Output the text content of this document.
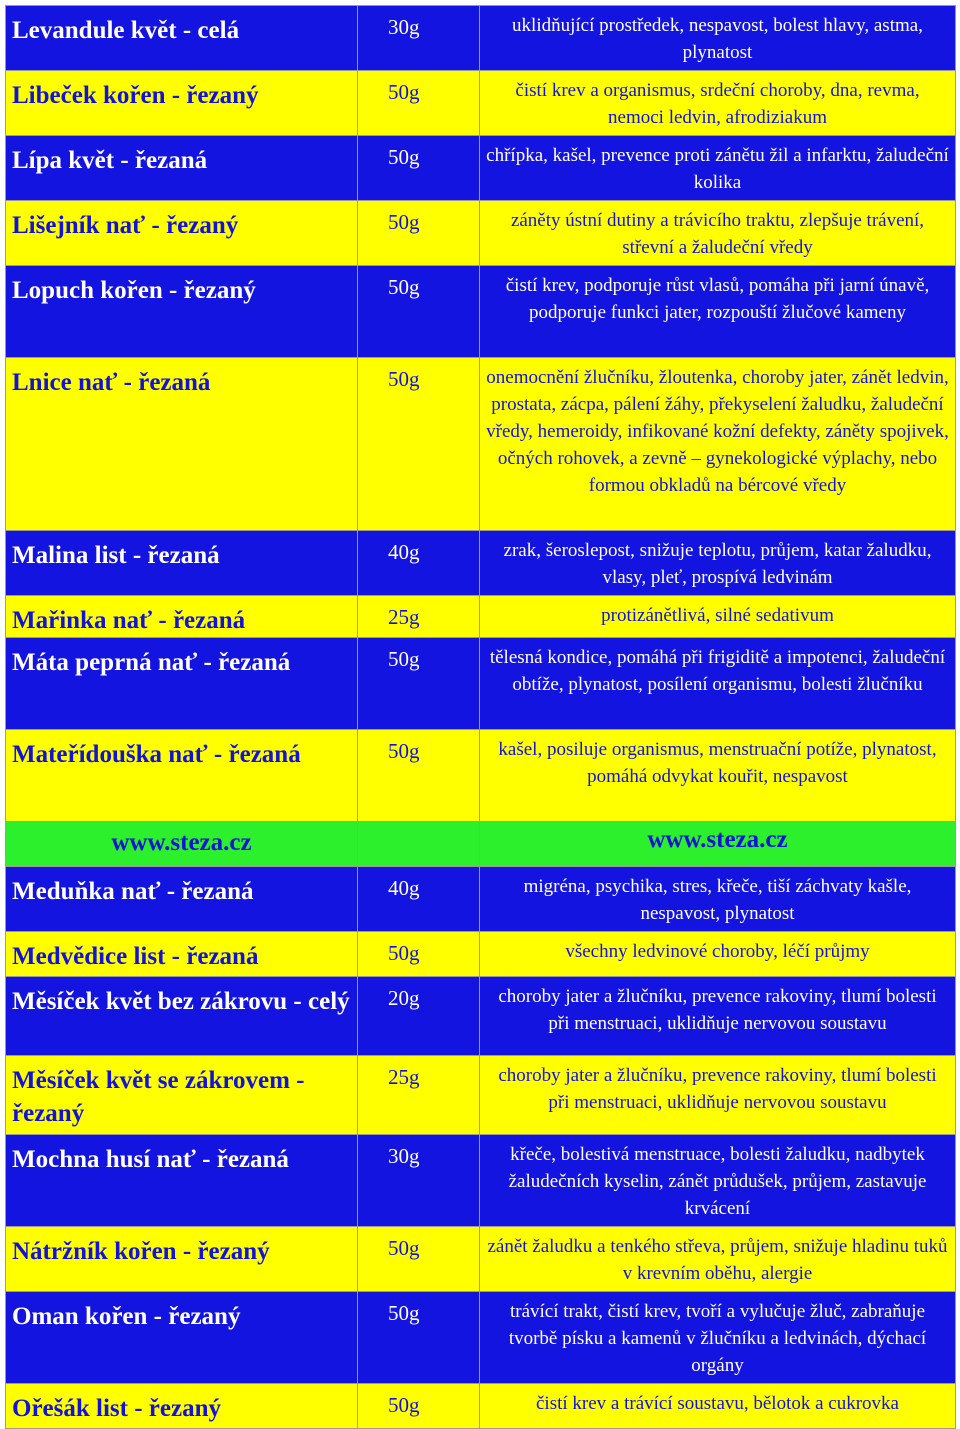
Levandule květ - celá	30g	uklidňující prostředek, nespavost, bolest hlavy, astma, plynatost
Libeček kořen - řezaný	50g	čistí krev a organismus, srdeční choroby, dna, revma, nemoci ledvin, afrodiziakum
Lípa květ - řezaná	50g	chřípka, kašel, prevence proti zánětu žil a infarktu, žaludeční kolika
Lišejník nať - řezaný	50g	záněty ústní dutiny a trávicího traktu, zlepšuje trávení, střevní a žaludeční vředy
Lopuch kořen - řezaný	50g	čistí krev, podporuje růst vlasů, pomáha při jarní únavě, podporuje funkci jater, rozpouští žlučové kameny
Lnice nať - řezaná	50g	onemocnění žlučníku, žloutenka, choroby jater, zánět ledvin, prostata, zácpa, pálení žáhy, překyselení žaludku, žaludeční vředy, hemeroidy, infikované kožní defekty, záněty spojivek, očných rohovek, a zevně – gynekologické výplachy, nebo formou obkladů na bércové vředy
Malina list - řezaná	40g	zrak, šeroslepost, snižuje teplotu, průjem, katar žaludku, vlasy, pleť, prospívá ledvinám
Mařinka nať - řezaná	25g	protizánětlivá, silné sedativum
Máta peprná nať - řezaná	50g	tělesná kondice, pomáhá při frigiditě a impotenci, žaludeční obtíže, plynatost, posílení organismu, bolesti žlučníku
Mateřídouška nať - řezaná	50g	kašel, posiluje organismus, menstruační potíže, plynatost, pomáhá odvykat kouřit, nespavost
www.steza.cz		www.steza.cz
Meduňka nať - řezaná	40g	migréna, psychika, stres, křeče, tiší záchvaty kašle, nespavost, plynatost
Medvědice list - řezaná	50g	všechny ledvinové choroby, léčí průjmy
Měsíček květ bez zákrovu - celý	20g	choroby jater a žlučníku, prevence rakoviny, tlumí bolesti při menstruaci, uklidňuje nervovou soustavu
Měsíček květ se zákrovem - řezaný	25g	choroby jater a žlučníku, prevence rakoviny, tlumí bolesti při menstruaci, uklidňuje nervovou soustavu
Mochna husí nať - řezaná	30g	křeče, bolestivá menstruace, bolesti žaludku, nadbytek žaludečních kyselin, zánět průdušek, průjem, zastavuje krvácení
Nátržník kořen - řezaný	50g	zánět žaludku a tenkého střeva, průjem, snižuje hladinu tuků v krevním oběhu, alergie
Oman kořen - řezaný	50g	trávící trakt, čistí krev, tvoří a vylučuje žluč, zabraňuje tvorbě písku a kamenů v žlučníku a ledvinách, dýchací orgány
Ořešák list - řezaný	50g	čistí krev a trávící soustavu, bělotok a cukrovka
